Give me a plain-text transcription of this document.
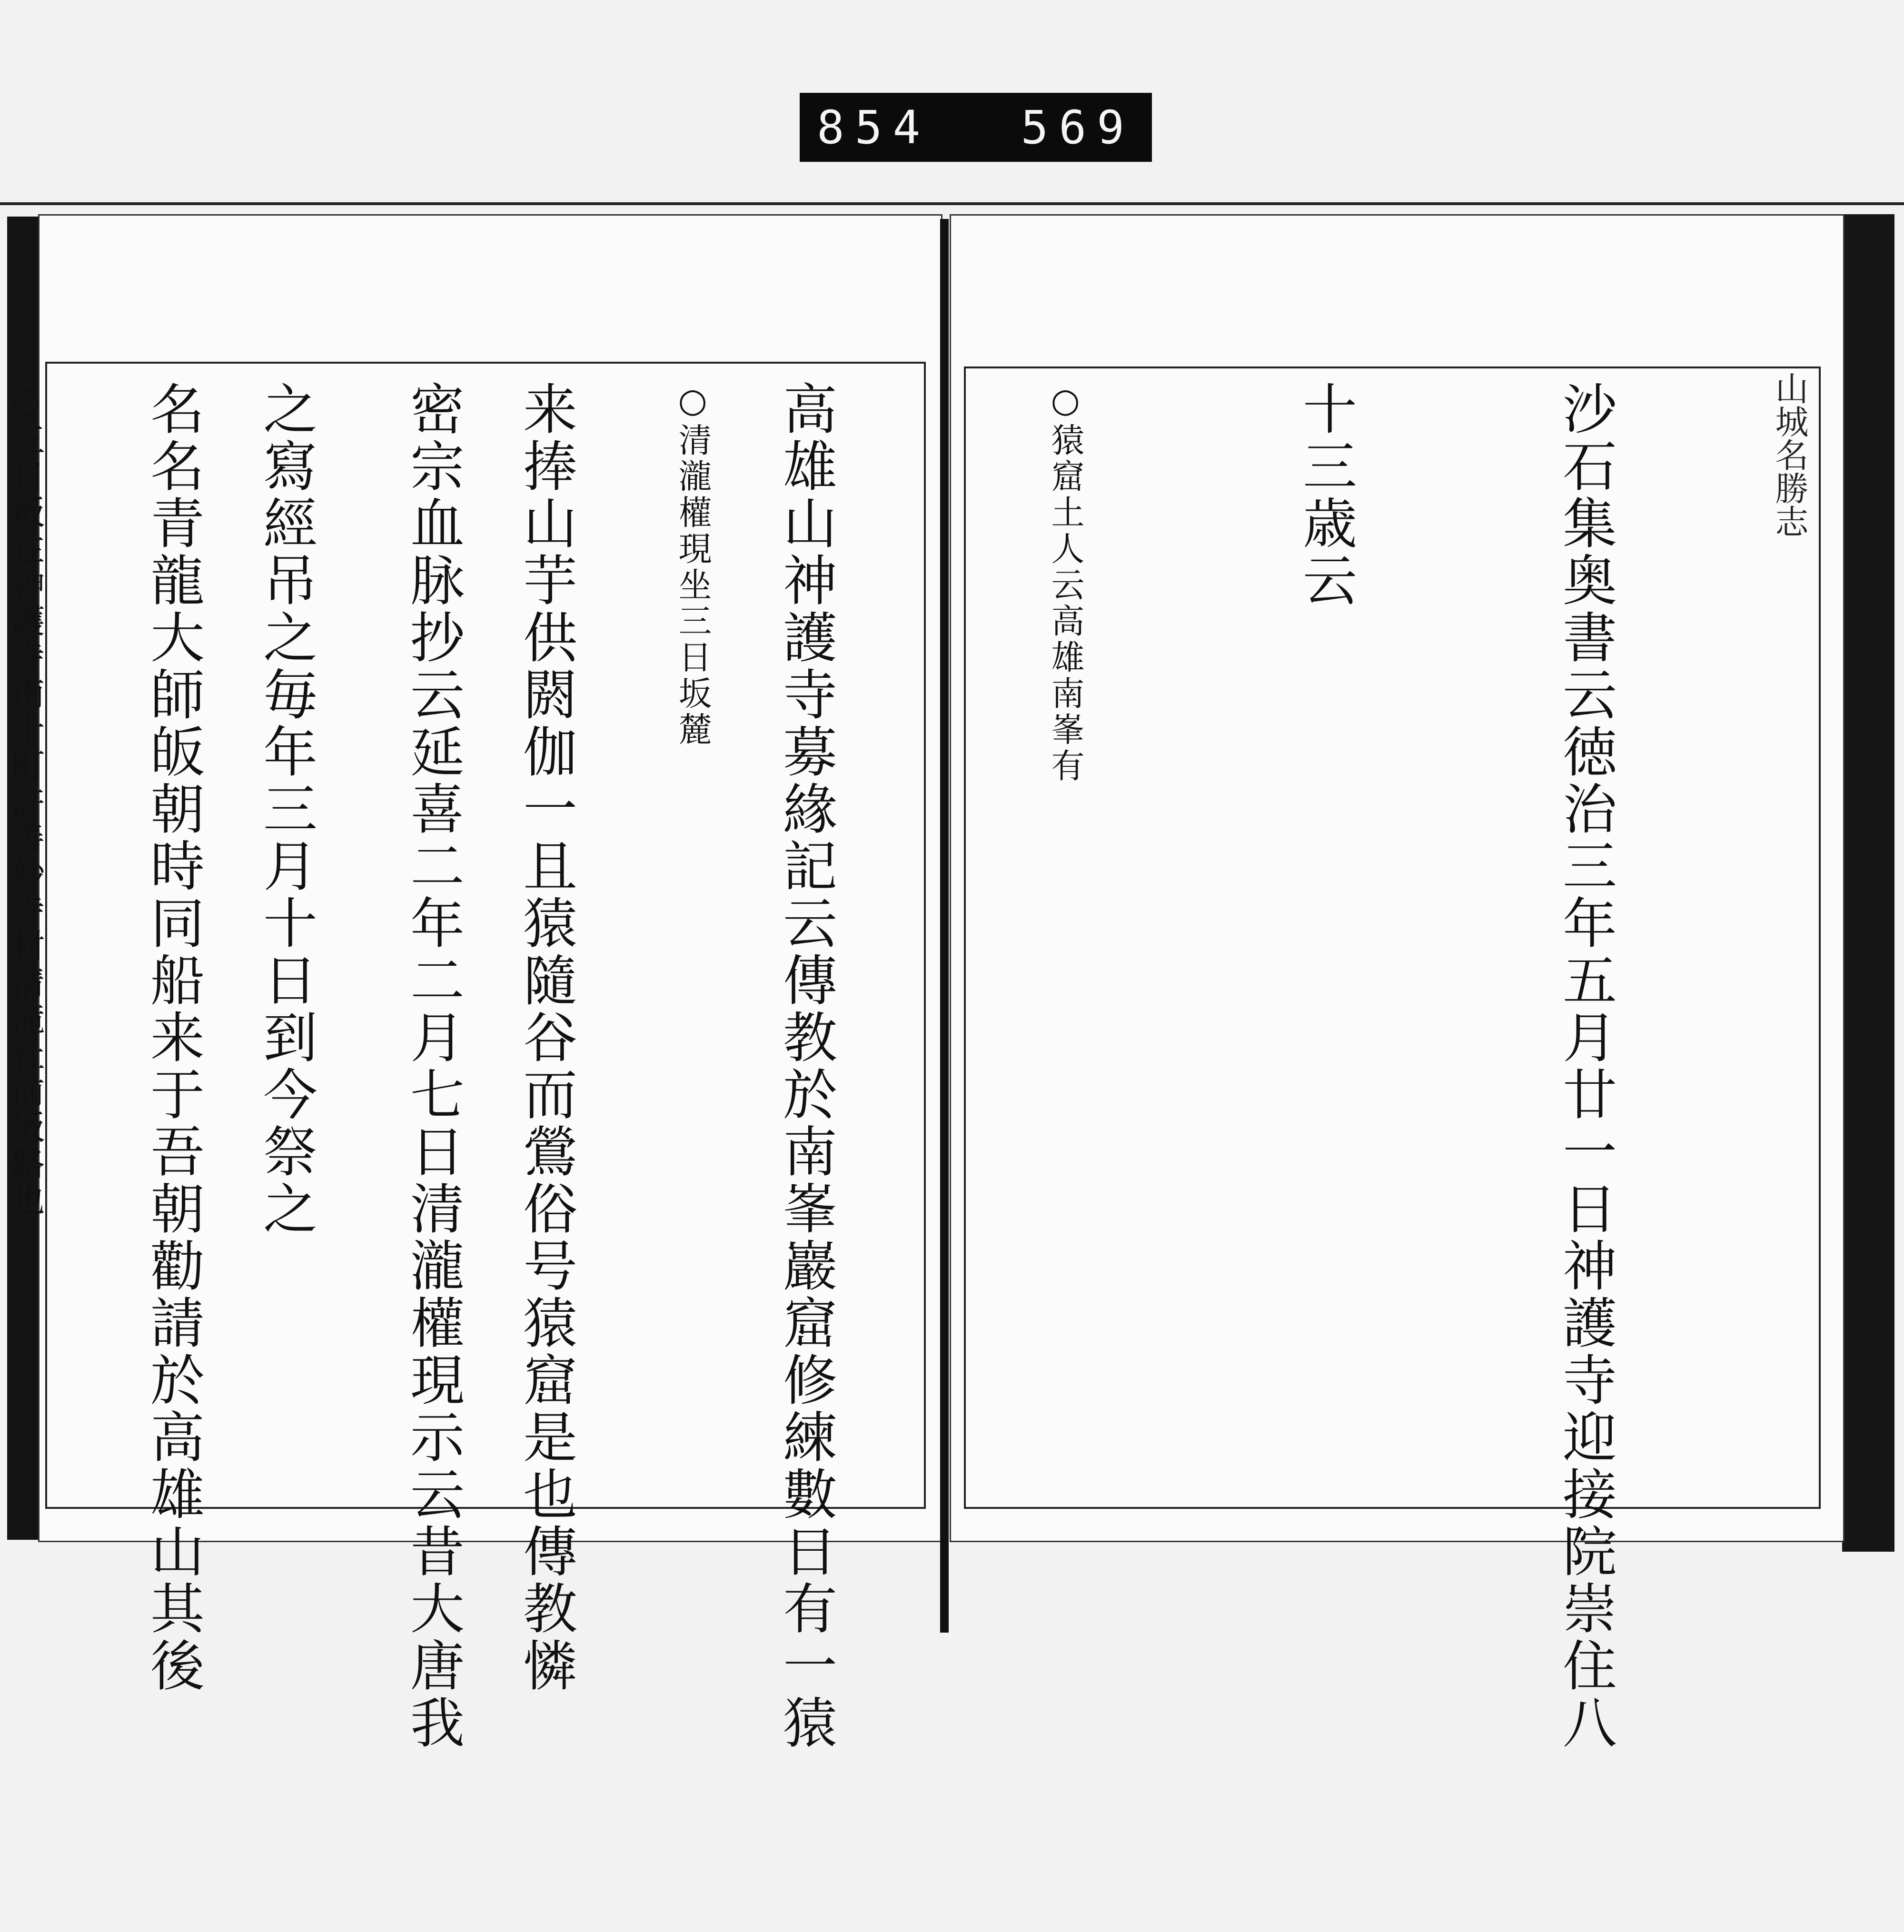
854 569
山城名勝志

沙石集奥書云徳治三年五月廿一日神護寺迎接院崇住八

十三歳云

○猿窟土人云高雄南峯有

高雄山神護寺募緣記云傳教於南峯巖窟修練數日有一猿

来捧山芋供閼伽一且猿隨谷而鶯俗号猿窟是也傳教憐

之寫經吊之毎年三月十日到今祭之

○三日坂在神護寺南十町許善妙寺村清滝社前坂路也

	○清瀧權現坐三日坂麓

密宗血脉抄云延喜二年二月七日清瀧權現示云昔大唐我

名名青龍大師皈朝時同船来于吾朝勸請於高雄山其後
